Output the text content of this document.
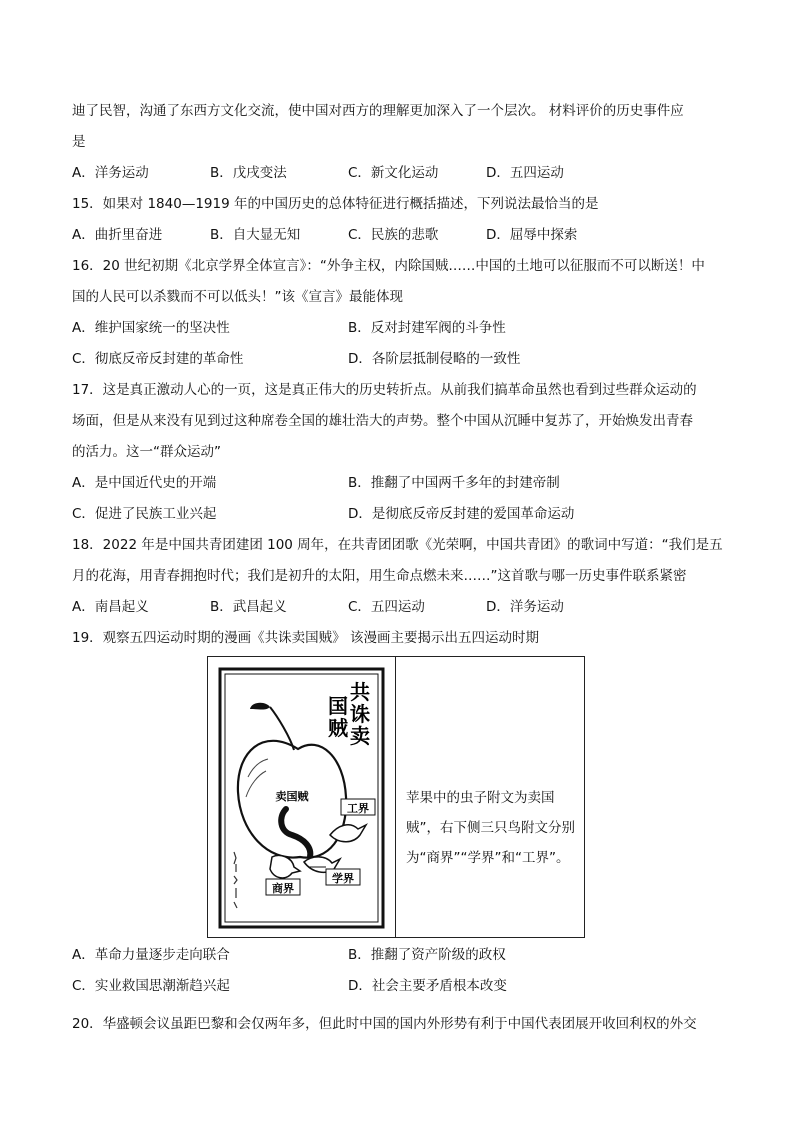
迪了民智，沟通了东西方文化交流，使中国对西方的理解更加深入了一个层次。 材料评价的历史事件应
是
A．洋务运动	B．戊戌变法	C．新文化运动	D．五四运动
15．如果对 1840—1919 年的中国历史的总体特征进行概括描述，下列说法最恰当的是
A．曲折里奋进	B．自大显无知	C．民族的悲歌	D．屈辱中探索
16．20 世纪初期《北京学界全体宣言》：“外争主权，内除国贼……中国的土地可以征服而不可以断送！中
国的人民可以杀戮而不可以低头！”该《宣言》最能体现
A．维护国家统一的坚决性	B．反对封建军阀的斗争性
C．彻底反帝反封建的革命性	D．各阶层抵制侵略的一致性
17．这是真正激动人心的一页，这是真正伟大的历史转折点。从前我们搞革命虽然也看到过些群众运动的
场面，但是从来没有见到过这种席卷全国的雄壮浩大的声势。整个中国从沉睡中复苏了，开始焕发出青春
的活力。这一“群众运动”
A．是中国近代史的开端	B．推翻了中国两千多年的封建帝制
C．促进了民族工业兴起	D．是彻底反帝反封建的爱国革命运动
18．2022 年是中国共青团建团 100 周年，在共青团团歌《光荣啊，中国共青团》的歌词中写道：“我们是五
月的花海，用青春拥抱时代；我们是初升的太阳，用生命点燃未来……”这首歌与哪一历史事件联系紧密
A．南昌起义	B．武昌起义	C．五四运动	D．洋务运动
19．观察五四运动时期的漫画《共诛卖国贼》 该漫画主要揭示出五四运动时期
共
诛
卖
国
贼
卖国贼
工界
商界
学界
苹果中的虫子附文为卖国贼”，右下侧三只鸟附文分别为“商界”“学界”和“工界”。
A．革命力量逐步走向联合	B．推翻了资产阶级的政权
C．实业救国思潮渐趋兴起	D．社会主要矛盾根本改变
20．华盛顿会议虽距巴黎和会仅两年多，但此时中国的国内外形势有利于中国代表团展开收回利权的外交
